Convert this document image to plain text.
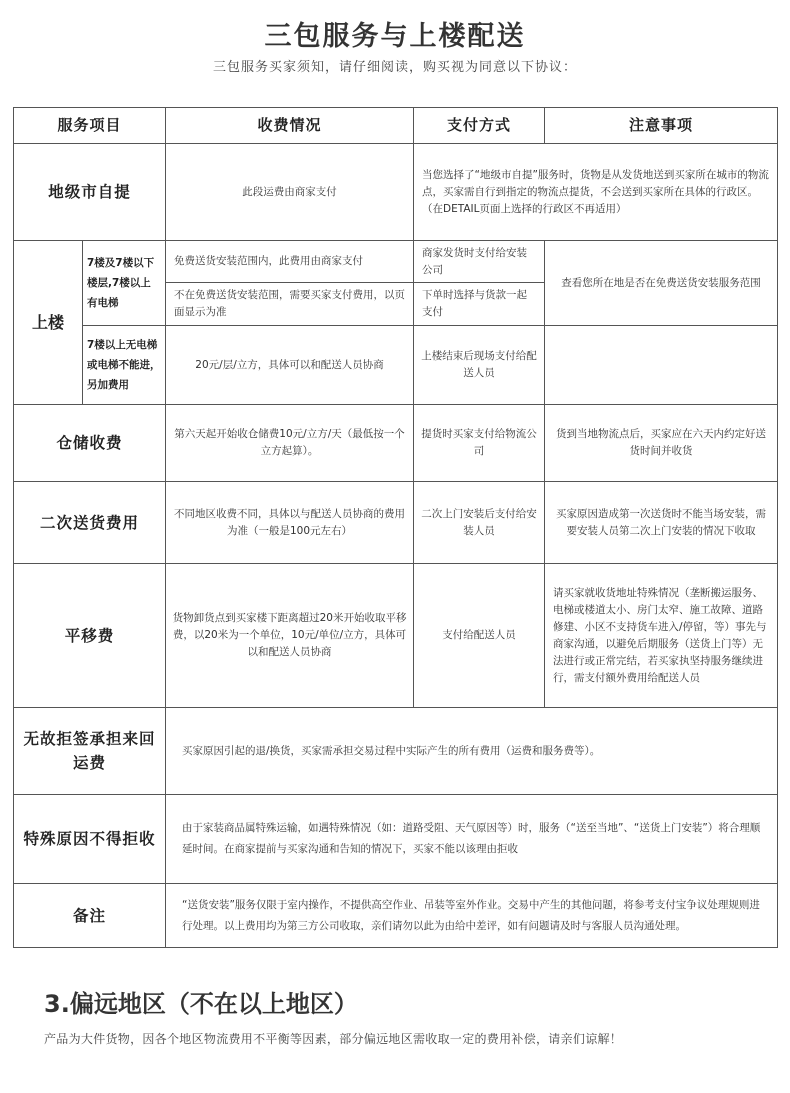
三包服务与上楼配送
三包服务买家须知，请仔细阅读，购买视为同意以下协议：
服务项目		收费情况	支付方式	注意事项
地级市自提		此段运费由商家支付	当您选择了“地级市自提”服务时，货物是从发货地送到买家所在城市的物流点，买家需自行到指定的物流点提货，不会送到买家所在具体的行政区。（在DETAIL页面上选择的行政区不再适用）	
上楼	7楼及7楼以下楼层,7楼以上有电梯	免费送货安装范围内，此费用由商家支付	商家发货时支付给安装公司	查看您所在地是否在免费送货安装服务范围
		不在免费送货安装范围，需要买家支付费用，以页面显示为准	下单时选择与货款一起支付	
	7楼以上无电梯或电梯不能进，另加费用	20元/层/立方，具体可以和配送人员协商	上楼结束后现场支付给配送人员	
仓储收费		第六天起开始收仓储费10元/立方/天（最低按一个立方起算）。	提货时买家支付给物流公司	货到当地物流点后，买家应在六天内约定好送货时间并收货
二次送货费用		不同地区收费不同，具体以与配送人员协商的费用为准（一般是100元左右）	二次上门安装后支付给安装人员	买家原因造成第一次送货时不能当场安装，需要安装人员第二次上门安装的情况下收取
平移费		货物卸货点到买家楼下距离超过20米开始收取平移费，以20米为一个单位，10元/单位/立方，具体可以和配送人员协商	支付给配送人员	请买家就收货地址特殊情况（垄断搬运服务、电梯或楼道太小、房门太窄、施工故障、道路修建、小区不支持货车进入/停留，等）事先与商家沟通，以避免后期服务（送货上门等）无法进行或正常完结，若买家执坚持服务继续进行，需支付额外费用给配送人员
无故拒签承担来回运费		买家原因引起的退/换货，买家需承担交易过程中实际产生的所有费用（运费和服务费等）。		
特殊原因不得拒收		由于家装商品属特殊运输，如遇特殊情况（如：道路受阻、天气原因等）时，服务（“送至当地”、“送货上门安装”）将合理顺延时间。在商家提前与买家沟通和告知的情况下，买家不能以该理由拒收		
备注		“送货安装”服务仅限于室内操作，不提供高空作业、吊装等室外作业。交易中产生的其他问题，将参考支付宝争议处理规则进行处理。以上费用均为第三方公司收取，亲们请勿以此为由给中差评，如有问题请及时与客服人员沟通处理。		
3.偏远地区（不在以上地区）
产品为大件货物，因各个地区物流费用不平衡等因素，部分偏远地区需收取一定的费用补偿，请亲们谅解！
